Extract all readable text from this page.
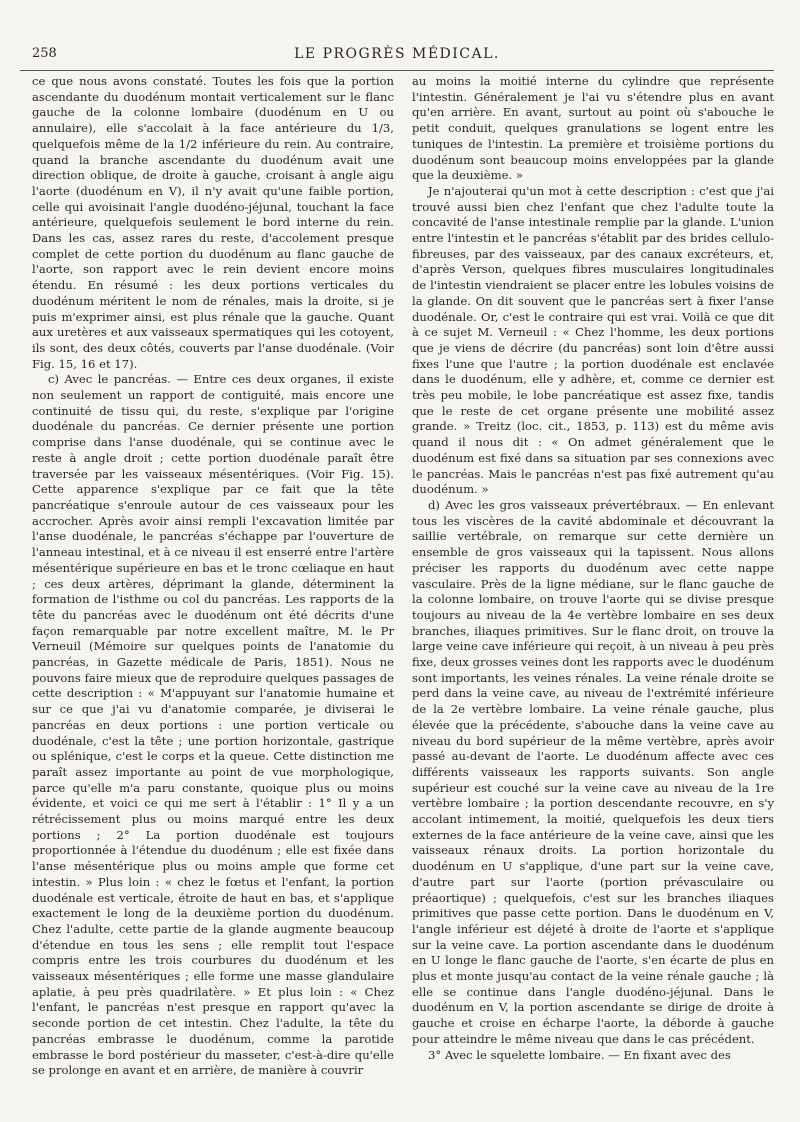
258	LE PROGRÈS MÉDICAL.

ce que nous avons constaté. Toutes les fois que la portion ascendante du duodénum montait verticalement sur le flanc gauche de la colonne lombaire (duodénum en U ou annulaire), elle s'accolait à la face antérieure du 1/3, quelquefois même de la 1/2 inférieure du rein. Au contraire, quand la branche ascendante du duodénum avait une direction oblique, de droite à gauche, croisant à angle aigu l'aorte (duodénum en V), il n'y avait qu'une faible portion, celle qui avoisinait l'angle duodéno-jéjunal, touchant la face antérieure, quelquefois seulement le bord interne du rein. Dans les cas, assez rares du reste, d'accolement presque complet de cette portion du duodénum au flanc gauche de l'aorte, son rapport avec le rein devient encore moins étendu. En résumé : les deux portions verticales du duodénum méritent le nom de rénales, mais la droite, si je puis m'exprimer ainsi, est plus rénale que la gauche. Quant aux uretères et aux vaisseaux spermatiques qui les cotoyent, ils sont, des deux côtés, couverts par l'anse duodénale. (Voir Fig. 15, 16 et 17).

c) Avec le pancréas. — Entre ces deux organes, il existe non seulement un rapport de contiguité, mais encore une continuité de tissu qui, du reste, s'explique par l'origine duodénale du pancréas. Ce dernier présente une portion comprise dans l'anse duodénale, qui se continue avec le reste à angle droit ; cette portion duodénale paraît être traversée par les vaisseaux mésentériques. (Voir Fig. 15). Cette apparence s'explique par ce fait que la tête pancréatique s'enroule autour de ces vaisseaux pour les accrocher. Après avoir ainsi rempli l'excavation limitée par l'anse duodénale, le pancréas s'échappe par l'ouverture de l'anneau intestinal, et à ce niveau il est enserré entre l'artère mésentérique supérieure en bas et le tronc cœliaque en haut ; ces deux artères, déprimant la glande, déterminent la formation de l'isthme ou col du pancréas. Les rapports de la tête du pancréas avec le duodénum ont été décrits d'une façon remarquable par notre excellent maître, M. le Pr Verneuil (Mémoire sur quelques points de l'anatomie du pancréas, in Gazette médicale de Paris, 1851). Nous ne pouvons faire mieux que de reproduire quelques passages de cette description : « M'appuyant sur l'anatomie humaine et sur ce que j'ai vu d'anatomie comparée, je diviserai le pancréas en deux portions : une portion verticale ou duodénale, c'est la tête ; une portion horizontale, gastrique ou splénique, c'est le corps et la queue. Cette distinction me paraît assez importante au point de vue morphologique, parce qu'elle m'a paru constante, quoique plus ou moins évidente, et voici ce qui me sert à l'établir : 1° Il y a un rétrécissement plus ou moins marqué entre les deux portions ; 2° La portion duodénale est toujours proportionnée à l'étendue du duodénum ; elle est fixée dans l'anse mésentérique plus ou moins ample que forme cet intestin. » Plus loin : « chez le fœtus et l'enfant, la portion duodénale est verticale, étroite de haut en bas, et s'applique exactement le long de la deuxième portion du duodénum. Chez l'adulte, cette partie de la glande augmente beaucoup d'étendue en tous les sens ; elle remplit tout l'espace compris entre les trois courbures du duodénum et les vaisseaux mésentériques ; elle forme une masse glandulaire aplatie, à peu près quadrilatère. » Et plus loin : « Chez l'enfant, le pancréas n'est presque en rapport qu'avec la seconde portion de cet intestin. Chez l'adulte, la tête du pancréas embrasse le duodénum, comme la parotide embrasse le bord postérieur du masseter, c'est-à-dire qu'elle se prolonge en avant et en arrière, de manière à couvrir

au moins la moitié interne du cylindre que représente l'intestin. Généralement je l'ai vu s'étendre plus en avant qu'en arrière. En avant, surtout au point où s'abouche le petit conduit, quelques granulations se logent entre les tuniques de l'intestin. La première et troisième portions du duodénum sont beaucoup moins enveloppées par la glande que la deuxième. »

Je n'ajouterai qu'un mot à cette description : c'est que j'ai trouvé aussi bien chez l'enfant que chez l'adulte toute la concavité de l'anse intestinale remplie par la glande. L'union entre l'intestin et le pancréas s'établit par des brides cellulo-fibreuses, par des vaisseaux, par des canaux excréteurs, et, d'après Verson, quelques fibres musculaires longitudinales de l'intestin viendraient se placer entre les lobules voisins de la glande. On dit souvent que le pancréas sert à fixer l'anse duodénale. Or, c'est le contraire qui est vrai. Voilà ce que dit à ce sujet M. Verneuil : « Chez l'homme, les deux portions que je viens de décrire (du pancréas) sont loin d'être aussi fixes l'une que l'autre ; la portion duodénale est enclavée dans le duodénum, elle y adhère, et, comme ce dernier est très peu mobile, le lobe pancréatique est assez fixe, tandis que le reste de cet organe présente une mobilité assez grande. » Treitz (loc. cit., 1853, p. 113) est du même avis quand il nous dit : « On admet généralement que le duodénum est fixé dans sa situation par ses connexions avec le pancréas. Mais le pancréas n'est pas fixé autrement qu'au duodénum. »

d) Avec les gros vaisseaux prévertébraux. — En enlevant tous les viscères de la cavité abdominale et découvrant la saillie vertébrale, on remarque sur cette dernière un ensemble de gros vaisseaux qui la tapissent. Nous allons préciser les rapports du duodénum avec cette nappe vasculaire. Près de la ligne médiane, sur le flanc gauche de la colonne lombaire, on trouve l'aorte qui se divise presque toujours au niveau de la 4e vertèbre lombaire en ses deux branches, iliaques primitives. Sur le flanc droit, on trouve la large veine cave inférieure qui reçoit, à un niveau à peu près fixe, deux grosses veines dont les rapports avec le duodénum sont importants, les veines rénales. La veine rénale droite se perd dans la veine cave, au niveau de l'extrémité inférieure de la 2e vertèbre lombaire. La veine rénale gauche, plus élevée que la précédente, s'abouche dans la veine cave au niveau du bord supérieur de la même vertèbre, après avoir passé au-devant de l'aorte. Le duodénum affecte avec ces différents vaisseaux les rapports suivants. Son angle supérieur est couché sur la veine cave au niveau de la 1re vertèbre lombaire ; la portion descendante recouvre, en s'y accolant intimement, la moitié, quelquefois les deux tiers externes de la face antérieure de la veine cave, ainsi que les vaisseaux rénaux droits. La portion horizontale du duodénum en U s'applique, d'une part sur la veine cave, d'autre part sur l'aorte (portion prévasculaire ou préaortique) ; quelquefois, c'est sur les branches iliaques primitives que passe cette portion. Dans le duodénum en V, l'angle inférieur est déjeté à droite de l'aorte et s'applique sur la veine cave. La portion ascendante dans le duodénum en U longe le flanc gauche de l'aorte, s'en écarte de plus en plus et monte jusqu'au contact de la veine rénale gauche ; là elle se continue dans l'angle duodéno-jéjunal. Dans le duodénum en V, la portion ascendante se dirige de droite à gauche et croise en écharpe l'aorte, la déborde à gauche pour atteindre le même niveau que dans le cas précédent.

3° Avec le squelette lombaire. — En fixant avec des
